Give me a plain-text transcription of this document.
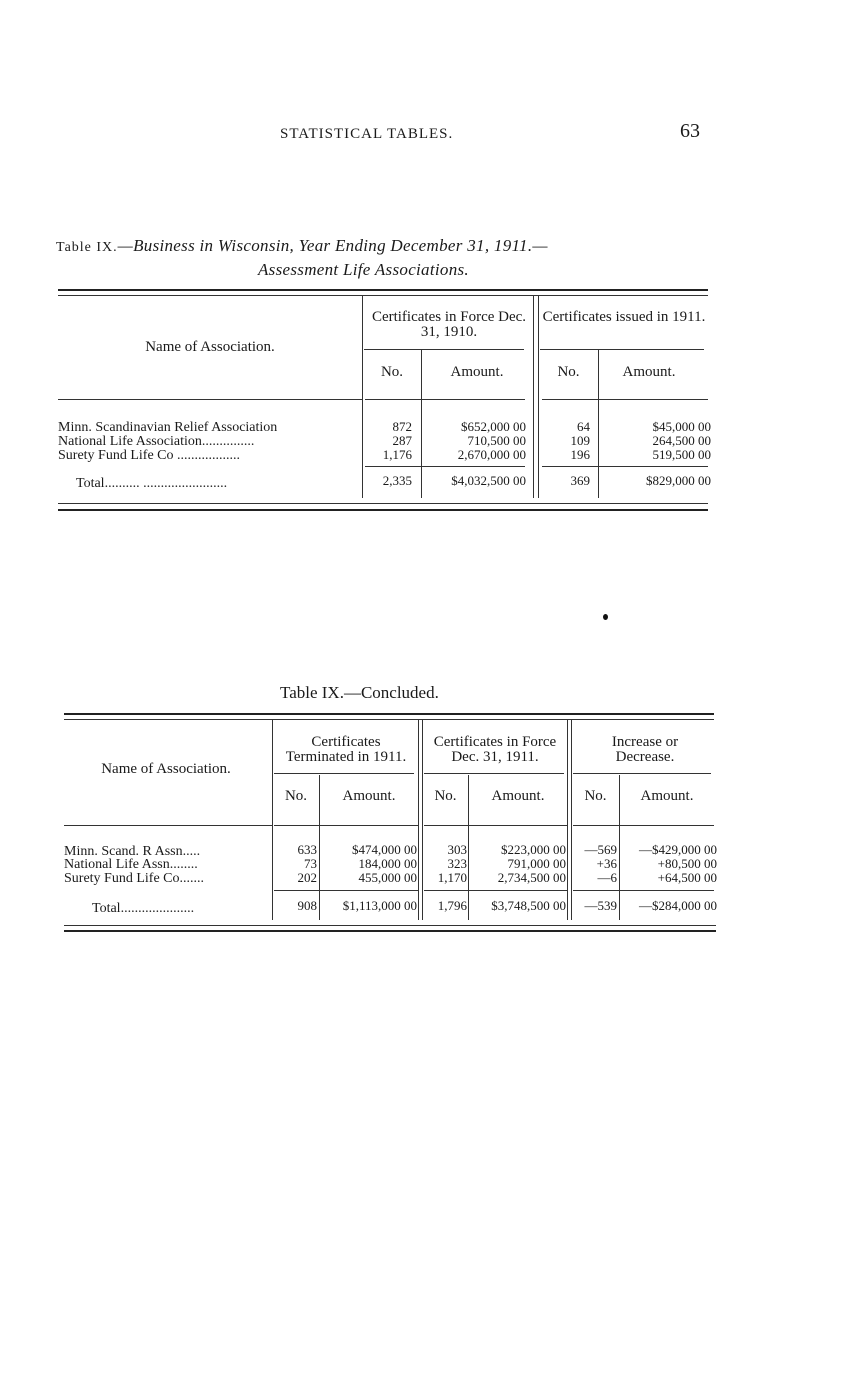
STATISTICAL TABLES.	63
Table IX.—Business in Wisconsin, Year Ending December 31, 1911.—
Assessment Life Associations.
Name of Association.
Certificates in Force Dec. 31, 1910.
Certificates issued in 1911.
No.	Amount.	No.	Amount.
Minn. Scandinavian Relief Association	872	$652,000 00	64	$45,000 00
National Life Association...............	287	710,500 00	109	264,500 00
Surety Fund Life Co ..................	1,176	2,670,000 00	196	519,500 00
Total.......... ........................	2,335	$4,032,500 00	369	$829,000 00
Table IX.—Concluded.
Name of Association.
Certificates Terminated in 1911.
Certificates in Force Dec. 31, 1911.
Increase or Decrease.
No.	Amount.	No.	Amount.	No.	Amount.
Minn. Scand. R Assn.....	633	$474,000 00	303	$223,000 00	—569	—$429,000 00
National Life Assn........	73	184,000 00	323	791,000 00	+36	+80,500 00
Surety Fund Life Co.......	202	455,000 00	1,170	2,734,500 00	—6	+64,500 00
Total.....................	908	$1,113,000 00	1,796	$3,748,500 00	—539	—$284,000 00
